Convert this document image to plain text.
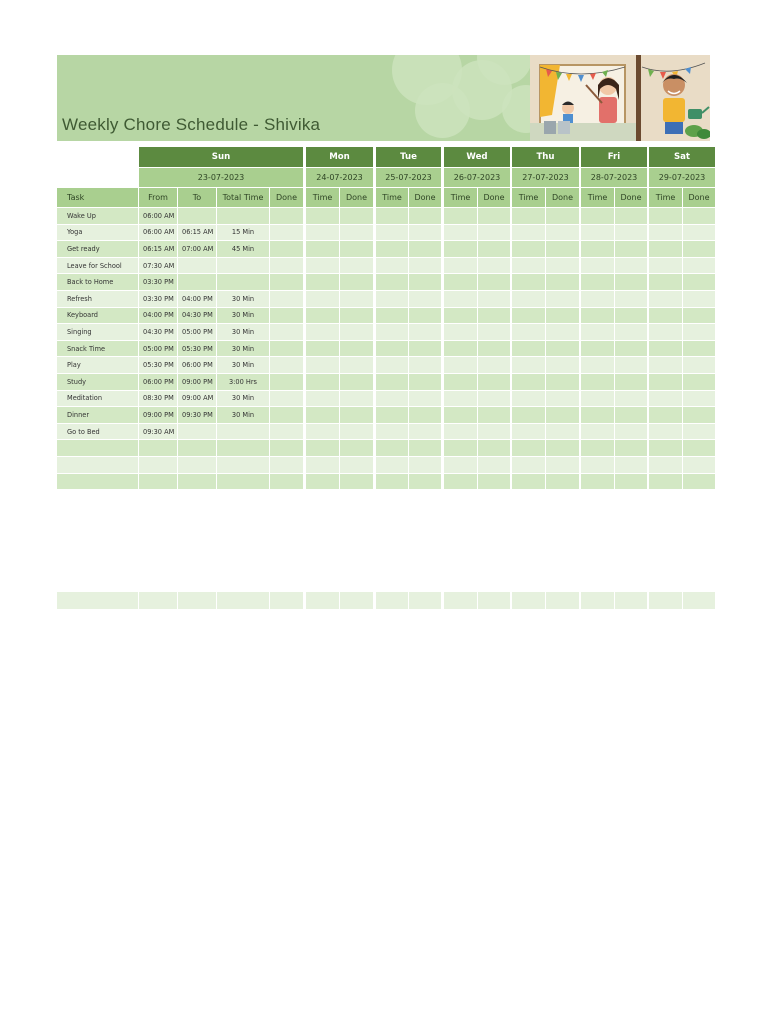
Weekly Chore Schedule - Shivika
	Sun					Mon			Tue			Wed		Thu		Fri		Sat	
	23-07-2023					24-07-2023			25-07-2023			26-07-2023		27-07-2023		28-07-2023		29-07-2023	
Task	From	To	Total Time	Done		Time	Done		Time	Done		Time	Done		Time	Done		Time	Done		Time	Done
Wake Up	06:00 AM																					
Yoga	06:00 AM	06:15 AM	15 Min																			
Get ready	06:15 AM	07:00 AM	45 Min																			
Leave for School	07:30 AM																					
Back to Home	03:30 PM																					
Refresh	03:30 PM	04:00 PM	30 Min																			
Keyboard	04:00 PM	04:30 PM	30 Min																			
Singing	04:30 PM	05:00 PM	30 Min																			
Snack Time	05:00 PM	05:30 PM	30 Min																			
Play	05:30 PM	06:00 PM	30 Min																			
Study	06:00 PM	09:00 PM	3:00 Hrs																			
Meditation	08:30 PM	09:00 AM	30 Min																			
Dinner	09:00 PM	09:30 PM	30 Min																			
Go to Bed	09:30 AM																					
